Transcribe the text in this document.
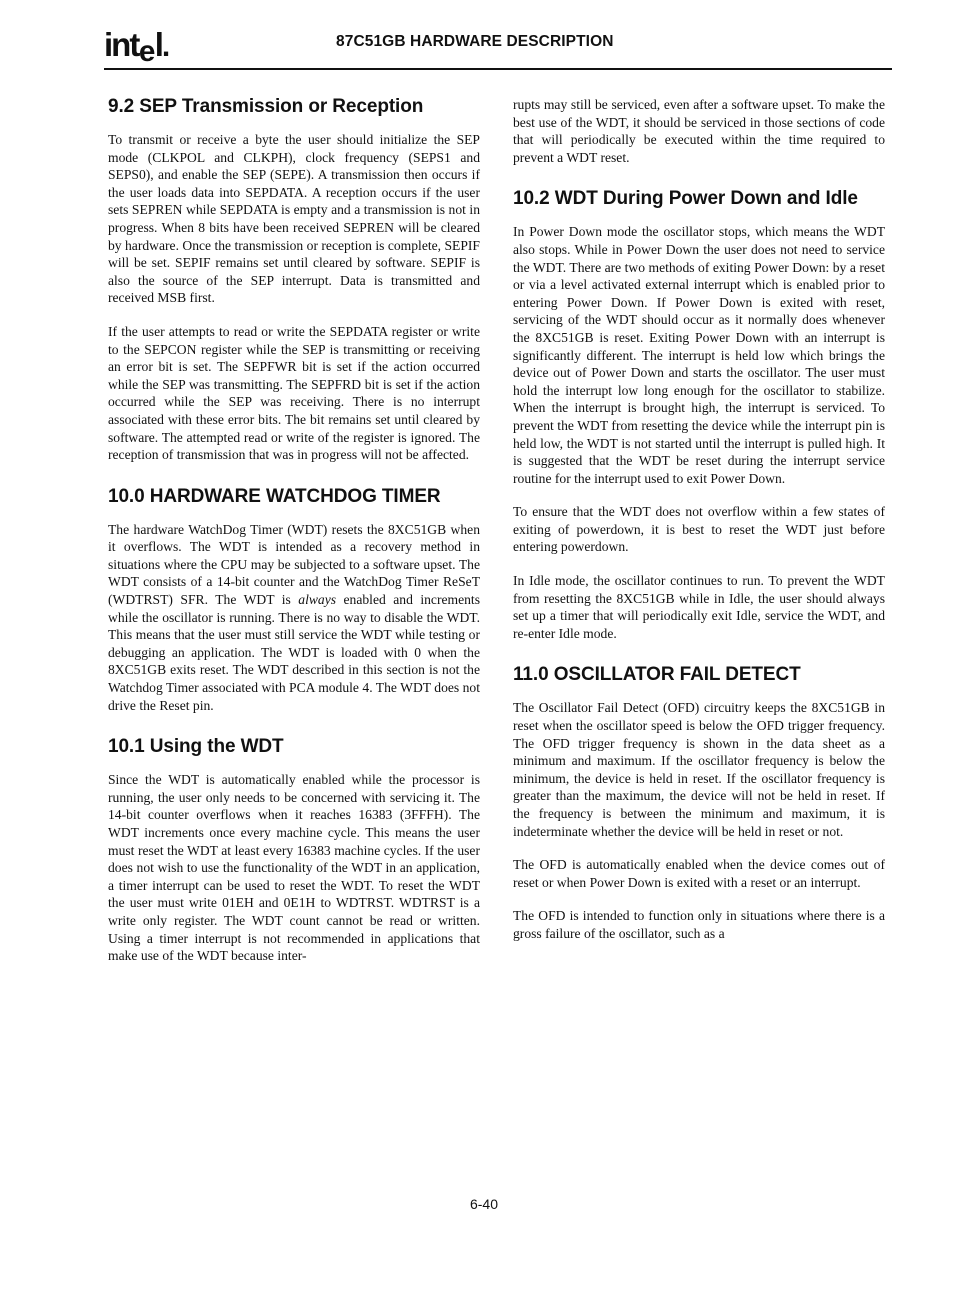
intel.	87C51GB HARDWARE DESCRIPTION
9.2 SEP Transmission or Reception

To transmit or receive a byte the user should initialize the SEP mode (CLKPOL and CLKPH), clock frequency (SEPS1 and SEPS0), and enable the SEP (SEPE). A transmission then occurs if the user loads data into SEPDATA. A reception occurs if the user sets SEPREN while SEPDATA is empty and a transmission is not in progress. When 8 bits have been received SEPREN will be cleared by hardware. Once the transmission or reception is complete, SEPIF will be set. SEPIF remains set until cleared by software. SEPIF is also the source of the SEP interrupt. Data is transmitted and received MSB first.

If the user attempts to read or write the SEPDATA register or write to the SEPCON register while the SEP is transmitting or receiving an error bit is set. The SEPFWR bit is set if the action occurred while the SEP was transmitting. The SEPFRD bit is set if the action occurred while the SEP was receiving. There is no interrupt associated with these error bits. The bit remains set until cleared by software. The attempted read or write of the register is ignored. The reception of transmission that was in progress will not be affected.

10.0 HARDWARE WATCHDOG TIMER

The hardware WatchDog Timer (WDT) resets the 8XC51GB when it overflows. The WDT is intended as a recovery method in situations where the CPU may be subjected to a software upset. The WDT consists of a 14-bit counter and the WatchDog Timer ReSeT (WDTRST) SFR. The WDT is always enabled and increments while the oscillator is running. There is no way to disable the WDT. This means that the user must still service the WDT while testing or debugging an application. The WDT is loaded with 0 when the 8XC51GB exits reset. The WDT described in this section is not the Watchdog Timer associated with PCA module 4. The WDT does not drive the Reset pin.

10.1 Using the WDT

Since the WDT is automatically enabled while the processor is running, the user only needs to be concerned with servicing it. The 14-bit counter overflows when it reaches 16383 (3FFFH). The WDT increments once every machine cycle. This means the user must reset the WDT at least every 16383 machine cycles. If the user does not wish to use the functionality of the WDT in an application, a timer interrupt can be used to reset the WDT. To reset the WDT the user must write 01EH and 0E1H to WDTRST. WDTRST is a write only register. The WDT count cannot be read or written. Using a timer interrupt is not recommended in applications that make use of the WDT because inter-

rupts may still be serviced, even after a software upset. To make the best use of the WDT, it should be serviced in those sections of code that will periodically be executed within the time required to prevent a WDT reset.

10.2 WDT During Power Down and Idle

In Power Down mode the oscillator stops, which means the WDT also stops. While in Power Down the user does not need to service the WDT. There are two methods of exiting Power Down: by a reset or via a level activated external interrupt which is enabled prior to entering Power Down. If Power Down is exited with reset, servicing of the WDT should occur as it normally does whenever the 8XC51GB is reset. Exiting Power Down with an interrupt is significantly different. The interrupt is held low which brings the device out of Power Down and starts the oscillator. The user must hold the interrupt low long enough for the oscillator to stabilize. When the interrupt is brought high, the interrupt is serviced. To prevent the WDT from resetting the device while the interrupt pin is held low, the WDT is not started until the interrupt is pulled high. It is suggested that the WDT be reset during the interrupt service routine for the interrupt used to exit Power Down.

To ensure that the WDT does not overflow within a few states of exiting of powerdown, it is best to reset the WDT just before entering powerdown.

In Idle mode, the oscillator continues to run. To prevent the WDT from resetting the 8XC51GB while in Idle, the user should always set up a timer that will periodically exit Idle, service the WDT, and re-enter Idle mode.

11.0 OSCILLATOR FAIL DETECT

The Oscillator Fail Detect (OFD) circuitry keeps the 8XC51GB in reset when the oscillator speed is below the OFD trigger frequency. The OFD trigger frequency is shown in the data sheet as a minimum and maximum. If the oscillator frequency is below the minimum, the device is held in reset. If the oscillator frequency is greater than the maximum, the device will not be held in reset. If the frequency is between the minimum and maximum, it is indeterminate whether the device will be held in reset or not.

The OFD is automatically enabled when the device comes out of reset or when Power Down is exited with a reset or an interrupt.

The OFD is intended to function only in situations where there is a gross failure of the oscillator, such as a

6-40
